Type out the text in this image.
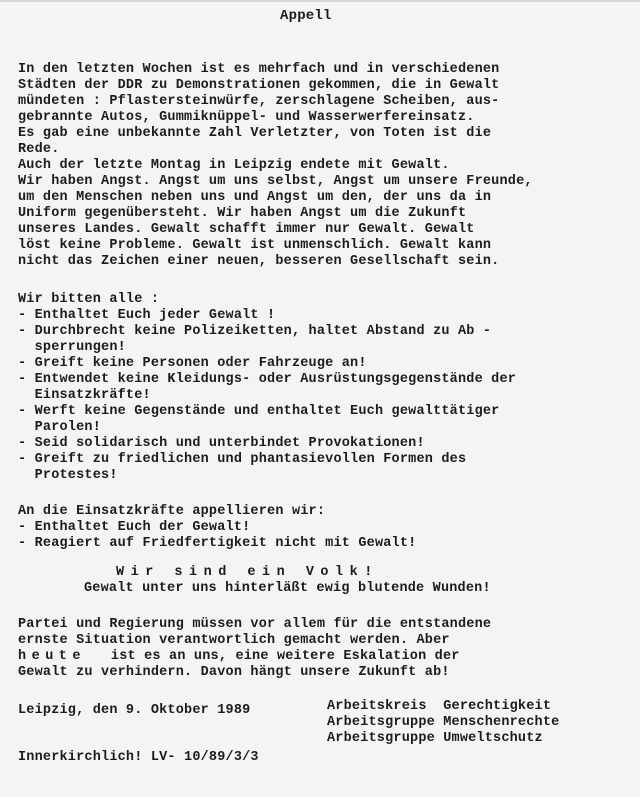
Appell
In den letzten Wochen ist es mehrfach und in verschiedenen
Städten der DDR zu Demonstrationen gekommen, die in Gewalt
mündeten : Pflastersteinwürfe, zerschlagene Scheiben, aus-
gebrannte Autos, Gummiknüppel- und Wasserwerfereinsatz.
Es gab eine unbekannte Zahl Verletzter, von Toten ist die
Rede.
Auch der letzte Montag in Leipzig endete mit Gewalt.
Wir haben Angst. Angst um uns selbst, Angst um unsere Freunde,
um den Menschen neben uns und Angst um den, der uns da in
Uniform gegenübersteht. Wir haben Angst um die Zukunft
unseres Landes. Gewalt schafft immer nur Gewalt. Gewalt
löst keine Probleme. Gewalt ist unmenschlich. Gewalt kann
nicht das Zeichen einer neuen, besseren Gesellschaft sein.
Wir bitten alle :
- Enthaltet Euch jeder Gewalt !
- Durchbrecht keine Polizeiketten, haltet Abstand zu Ab -
sperrungen!
- Greift keine Personen oder Fahrzeuge an!
- Entwendet keine Kleidungs- oder Ausrüstungsgegenstände der
Einsatzkräfte!
- Werft keine Gegenstände und enthaltet Euch gewalttätiger
Parolen!
- Seid solidarisch und unterbindet Provokationen!
- Greift zu friedlichen und phantasievollen Formen des
Protestes!
An die Einsatzkräfte appellieren wir:
- Enthaltet Euch der Gewalt!
- Reagiert auf Friedfertigkeit nicht mit Gewalt!
Wir sind ein Volk!
Gewalt unter uns hinterläßt ewig blutende Wunden!
Partei und Regierung müssen vor allem für die entstandene
ernste Situation verantwortlich gemacht werden. Aber
heute ist es an uns, eine weitere Eskalation der
Gewalt zu verhindern. Davon hängt unsere Zukunft ab!
Leipzig, den 9. Oktober 1989	Arbeitskreis  Gerechtigkeit
Arbeitsgruppe Menschenrechte
Arbeitsgruppe Umweltschutz
Innerkirchlich! LV- 10/89/3/3
